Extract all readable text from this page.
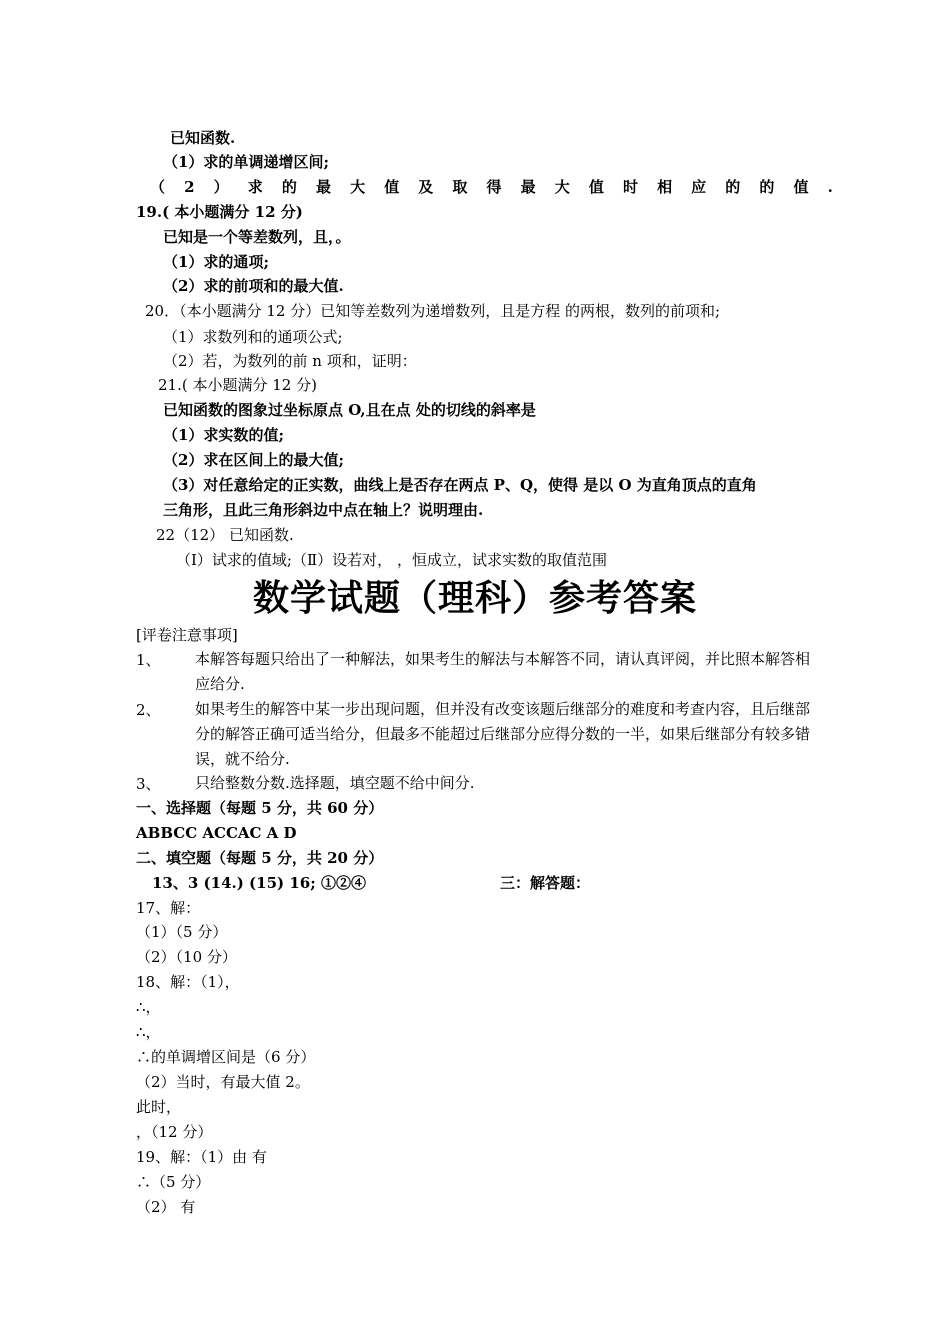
已知函数.
（1）求的单调递增区间;
（ 2 ） 求 的 最 大 值 及 取 得 最 大 值 时 相 应 的 的 值 .
19.( 本小题满分 12 分)
已知是一个等差数列，且，。
（1）求的通项;
（2）求的前项和的最大值.
20．（本小题满分 12 分）已知等差数列为递增数列，且是方程 的两根，数列的前项和;
（1）求数列和的通项公式;
（2）若，为数列的前 n 项和，证明：
21.( 本小题满分 12 分)
已知函数的图象过坐标原点 O,且在点 处的切线的斜率是
（1）求实数的值;
（2）求在区间上的最大值;
（3）对任意给定的正实数，曲线上是否存在两点 P、Q，使得 是以 O 为直角顶点的直角
三角形，且此三角形斜边中点在轴上？说明理由.
22（12） 已知函数.
（Ⅰ）试求的值域;（Ⅱ）设若对， ，恒成立，试求实数的取值范围
数学试题（理科）参考答案
[评卷注意事项]
1、 本解答每题只给出了一种解法，如果考生的解法与本解答不同，请认真评阅，并比照本解答相应给分.
2、 如果考生的解答中某一步出现问题，但并没有改变该题后继部分的难度和考查内容，且后继部分的解答正确可适当给分，但最多不能超过后继部分应得分数的一半，如果后继部分有较多错误，就不给分.
3、 只给整数分数.选择题，填空题不给中间分.
一、选择题（每题 5 分，共 60 分）
ABBCC ACCAC A D
二、填空题（每题 5 分，共 20 分）
13、3 (14.) (15) 16; ①②④	三：解答题：
17、解：
（1）（5 分）
（2）（10 分）
18、解：（1），
∴，
∴，
∴的单调增区间是（6 分）
（2）当时，有最大值 2。
此时，
，（12 分）
19、解：（1）由 有
∴（5 分）
（2） 有
